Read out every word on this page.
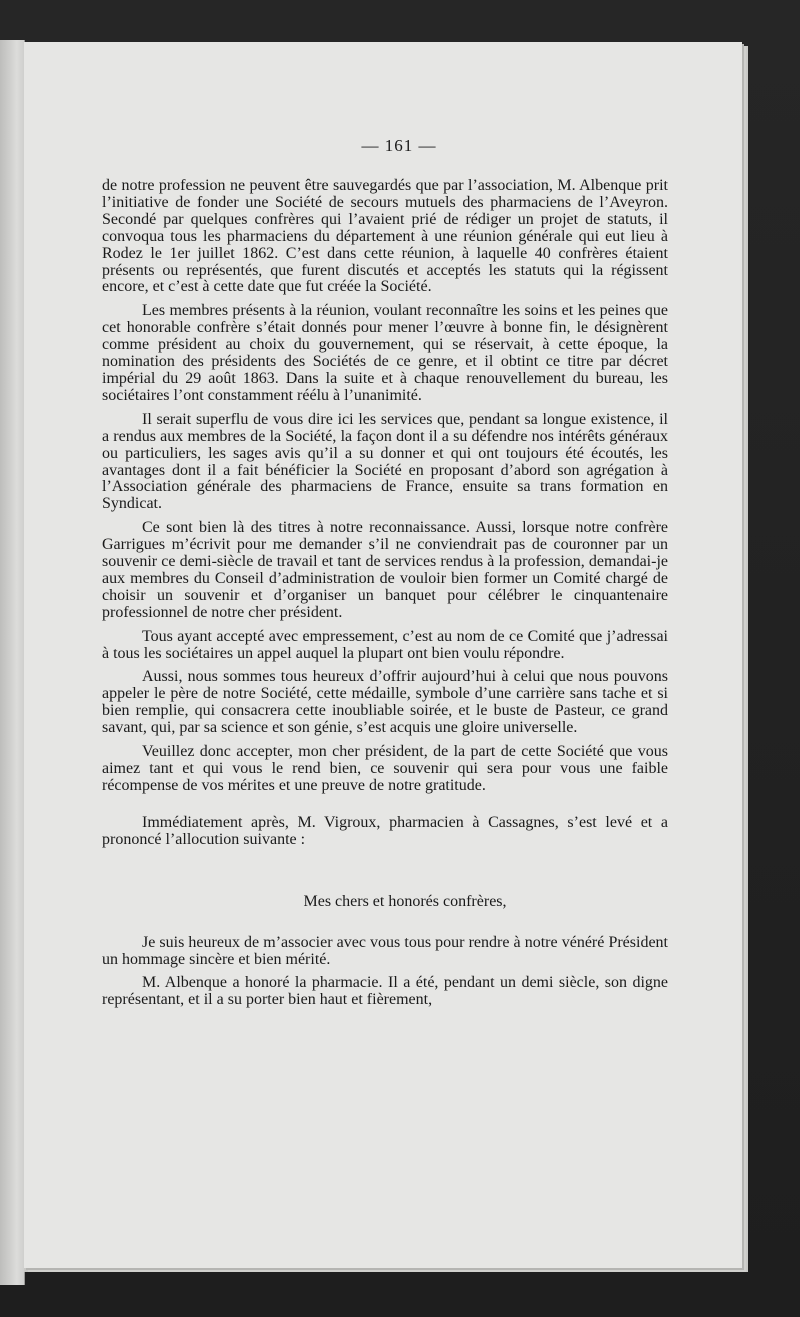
— 161 —

de notre profession ne peuvent être sauvegardés que par l’association, M. Albenque prit l’initiative de fonder une Société de secours mutuels des pharmaciens de l’Aveyron. Secondé par quelques confrères qui l’avaient prié de rédiger un projet de statuts, il convoqua tous les pharmaciens du département à une réunion générale qui eut lieu à Rodez le 1er juillet 1862. C’est dans cette réunion, à laquelle 40 confrères étaient présents ou représentés, que furent discutés et acceptés les statuts qui la régissent encore, et c’est à cette date que fut créée la Société.

Les membres présents à la réunion, voulant reconnaître les soins et les peines que cet honorable confrère s’était donnés pour mener l’œuvre à bonne fin, le désignèrent comme président au choix du gouvernement, qui se réservait, à cette époque, la nomination des présidents des Sociétés de ce genre, et il obtint ce titre par décret impérial du 29 août 1863. Dans la suite et à chaque renouvellement du bureau, les sociétaires l’ont constamment réélu à l’unanimité.

Il serait superflu de vous dire ici les services que, pendant sa longue existence, il a rendus aux membres de la Société, la façon dont il a su défendre nos intérêts généraux ou particuliers, les sages avis qu’il a su donner et qui ont toujours été écoutés, les avantages dont il a fait bénéficier la Société en proposant d’abord son agrégation à l’Association générale des pharmaciens de France, ensuite sa trans formation en Syndicat.

Ce sont bien là des titres à notre reconnaissance. Aussi, lorsque notre confrère Garrigues m’écrivit pour me demander s’il ne conviendrait pas de couronner par un souvenir ce demi-siècle de travail et tant de services rendus à la profession, demandai-je aux membres du Conseil d’administration de vouloir bien former un Comité chargé de choisir un souvenir et d’organiser un banquet pour célébrer le cinquantenaire professionnel de notre cher président.

Tous ayant accepté avec empressement, c’est au nom de ce Comité que j’adressai à tous les sociétaires un appel auquel la plupart ont bien voulu répondre.

Aussi, nous sommes tous heureux d’offrir aujourd’hui à celui que nous pouvons appeler le père de notre Société, cette médaille, symbole d’une carrière sans tache et si bien remplie, qui consacrera cette inoubliable soirée, et le buste de Pasteur, ce grand savant, qui, par sa science et son génie, s’est acquis une gloire universelle.

Veuillez donc accepter, mon cher président, de la part de cette Société que vous aimez tant et qui vous le rend bien, ce souvenir qui sera pour vous une faible récompense de vos mérites et une preuve de notre gratitude.

Immédiatement après, M. Vigroux, pharmacien à Cassagnes, s’est levé et a prononcé l’allocution suivante :

Mes chers et honorés confrères,

Je suis heureux de m’associer avec vous tous pour rendre à notre vénéré Président un hommage sincère et bien mérité.

M. Albenque a honoré la pharmacie. Il a été, pendant un demi siècle, son digne représentant, et il a su porter bien haut et fièrement,
